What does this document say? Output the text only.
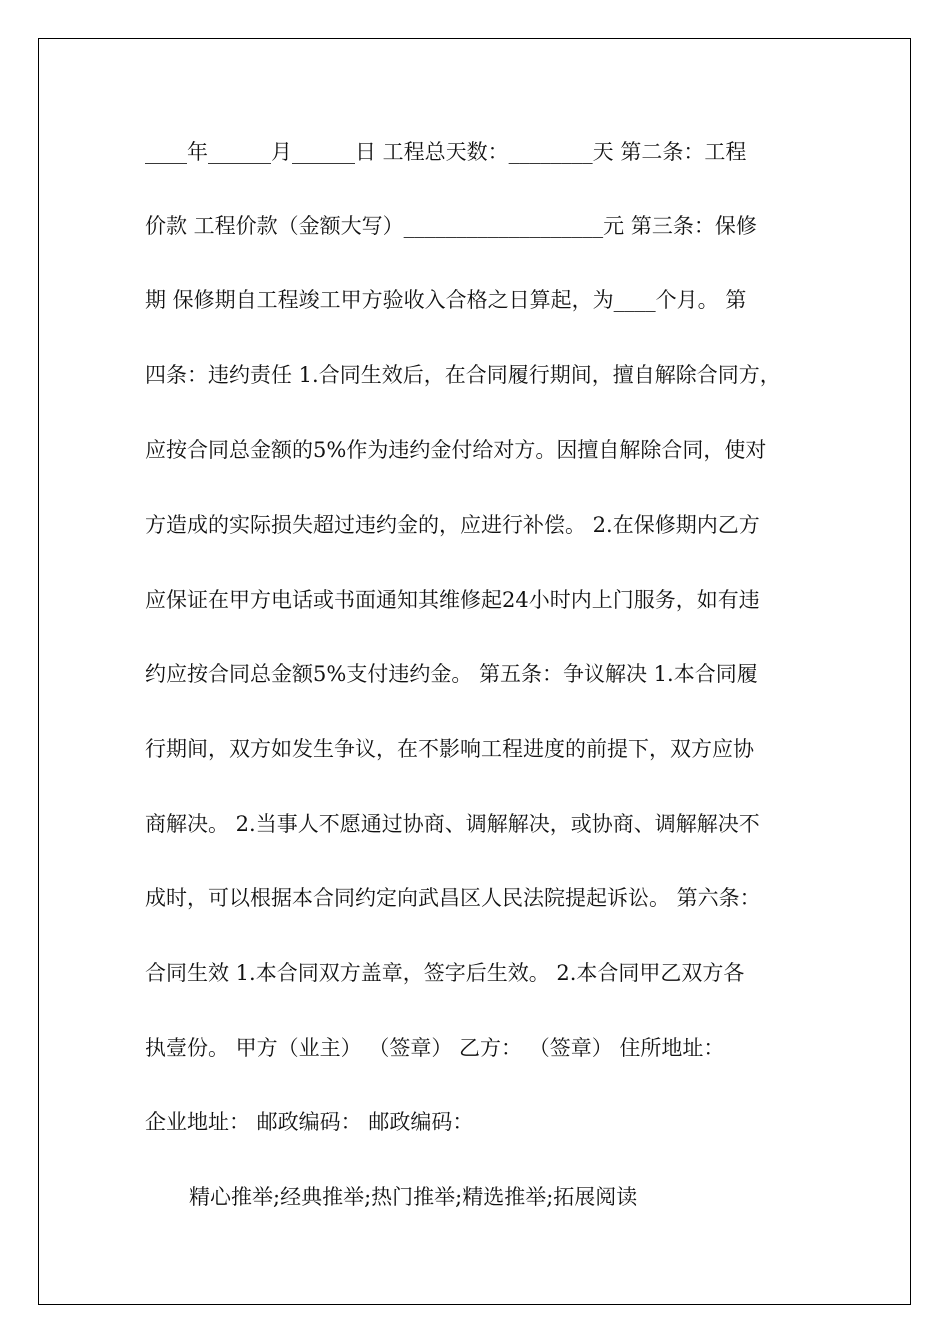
____年______月______日 工程总天数：________天 第二条：工程

价款 工程价款（金额大写）___________________元 第三条：保修

期 保修期自工程竣工甲方验收入合格之日算起，为____个月。 第

四条：违约责任 1.合同生效后，在合同履行期间，擅自解除合同方，

应按合同总金额的5%作为违约金付给对方。因擅自解除合同，使对

方造成的实际损失超过违约金的，应进行补偿。 2.在保修期内乙方

应保证在甲方电话或书面通知其维修起24小时内上门服务，如有违

约应按合同总金额5%支付违约金。 第五条：争议解决 1.本合同履

行期间，双方如发生争议，在不影响工程进度的前提下，双方应协

商解决。 2.当事人不愿通过协商、调解解决，或协商、调解解决不

成时，可以根据本合同约定向武昌区人民法院提起诉讼。 第六条：

合同生效 1.本合同双方盖章，签字后生效。 2.本合同甲乙双方各

执壹份。 甲方（业主） （签章） 乙方： （签章） 住所地址：

企业地址： 邮政编码： 邮政编码：

精心推举;经典推举;热门推举;精选推举;拓展阅读
